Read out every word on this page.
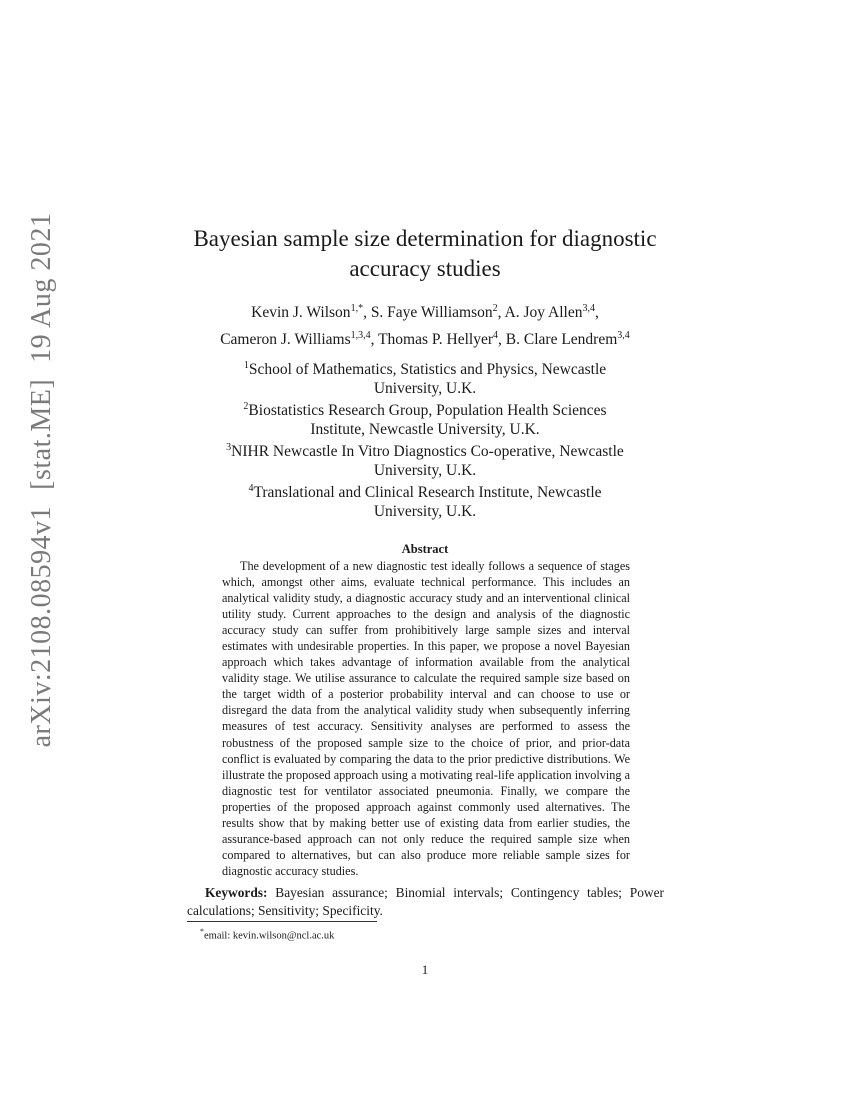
arXiv:2108.08594v1[stat.ME]19 Aug 2021	Bayesian sample size determination for diagnostic
accuracy studies
Kevin J. Wilson$^{1,*}$, S. Faye Williamson$^2$, A. Joy Allen$^{3,4}$,
Cameron J. Williams$^{1,3,4}$, Thomas P. Hellyer$^4$, B. Clare Lendrem$^{3,4}$
$^1$School of Mathematics, Statistics and Physics, Newcastle
University, U.K.
$^2$Biostatistics Research Group, Population Health Sciences
Institute, Newcastle University, U.K.
$^3$NIHR Newcastle In Vitro Diagnostics Co-operative, Newcastle
University, U.K.
$^4$Translational and Clinical Research Institute, Newcastle
University, U.K.
Abstract
The development of a new diagnostic test ideally follows a sequence of stages which, amongst other aims, evaluate technical performance. This includes an analytical validity study, a diagnostic accuracy study and an interventional clinical utility study. Current approaches to the design and analysis of the diagnostic accuracy study can suffer from prohibitively large sample sizes and interval estimates with undesirable properties. In this paper, we propose a novel Bayesian approach which takes advantage of information available from the analytical validity stage. We utilise assurance to calculate the required sample size based on the target width of a posterior probability interval and can choose to use or disregard the data from the analytical validity study when subsequently inferring measures of test accuracy. Sensitivity analyses are performed to assess the robustness of the proposed sample size to the choice of prior, and prior-data conflict is evaluated by comparing the data to the prior predictive distributions. We illustrate the proposed approach using a motivating real-life application involving a diagnostic test for ventilator associated pneumonia. Finally, we compare the properties of the proposed approach against commonly used alternatives. The results show that by making better use of existing data from earlier studies, the assurance-based approach can not only reduce the required sample size when compared to alternatives, but can also produce more reliable sample sizes for diagnostic accuracy studies.
Keywords: Bayesian assurance; Binomial intervals; Contingency tables; Power calculations; Sensitivity; Specificity.
*email: kevin.wilson@ncl.ac.uk
1
